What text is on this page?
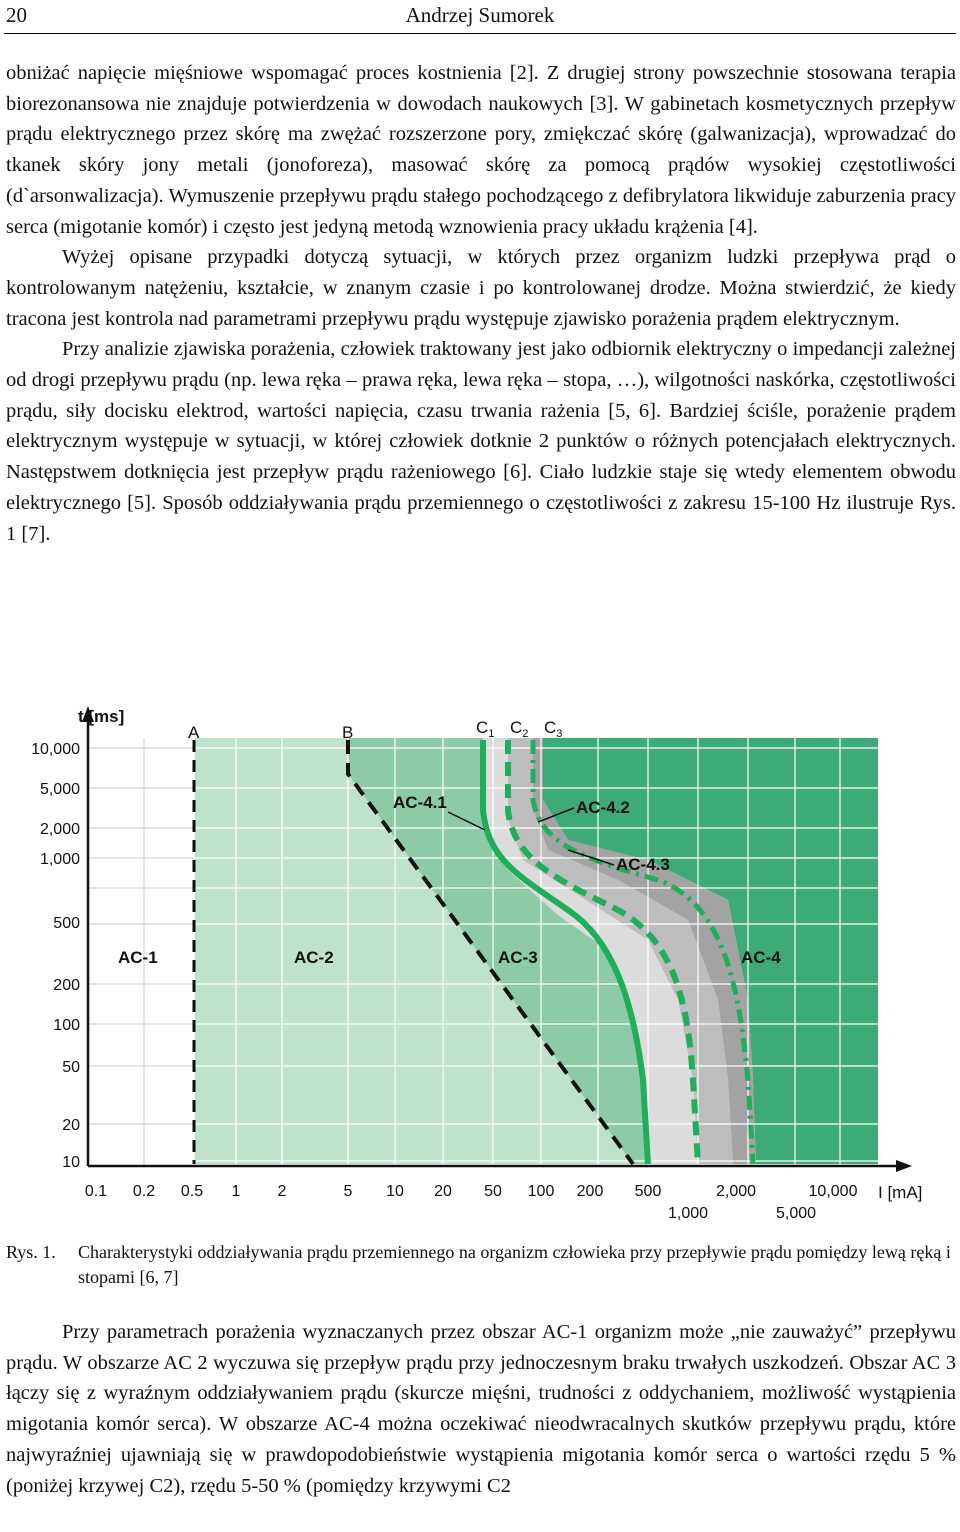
20	Andrzej Sumorek

obniżać napięcie mięśniowe wspomagać proces kostnienia [2]. Z drugiej strony powszechnie stosowana terapia biorezonansowa nie znajduje potwierdzenia w dowodach naukowych [3]. W gabinetach kosmetycznych przepływ prądu elektrycznego przez skórę ma zwężać rozszerzone pory, zmiękczać skórę (galwanizacja), wprowadzać do tkanek skóry jony metali (jonoforeza), masować skórę za pomocą prądów wysokiej częstotliwości (d`arsonwalizacja). Wymuszenie przepływu prądu stałego pochodzącego z defibrylatora likwiduje zaburzenia pracy serca (migotanie komór) i często jest jedyną metodą wznowienia pracy układu krążenia [4].

Wyżej opisane przypadki dotyczą sytuacji, w których przez organizm ludzki przepływa prąd o kontrolowanym natężeniu, kształcie, w znanym czasie i po kontrolowanej drodze. Można stwierdzić, że kiedy tracona jest kontrola nad parametrami przepływu prądu występuje zjawisko porażenia prądem elektrycznym.

Przy analizie zjawiska porażenia, człowiek traktowany jest jako odbiornik elektryczny o impedancji zależnej od drogi przepływu prądu (np. lewa ręka – prawa ręka, lewa ręka – stopa, …), wilgotności naskórka, częstotliwości prądu, siły docisku elektrod, wartości napięcia, czasu trwania rażenia [5, 6]. Bardziej ściśle, porażenie prądem elektrycznym występuje w sytuacji, w której człowiek dotknie 2 punktów o różnych potencjałach elektrycznych. Następstwem dotknięcia jest przepływ prądu rażeniowego [6]. Ciało ludzkie staje się wtedy elementem obwodu elektrycznego [5]. Sposób oddziaływania prądu przemiennego o częstotliwości z zakresu 15-100 Hz ilustruje Rys. 1 [7].

t [ms]
I [mA]
10,000
5,000
2,000
1,000
500
200
100
50
20
10
0.1 0.2 0.5 1 2	5 10 20 50 100 200 500	2,000	10,000
1,000	5,000
A	B	$C_1$ $C_2$ $C_3$
AC-1	AC-2	AC-3	AC-4
AC-4.1	AC-4.2
AC-4.3
Rys. 1. Charakterystyki oddziaływania prądu przemiennego na organizm człowieka przy przepływie prądu pomiędzy lewą ręką i stopami [6, 7]

Przy parametrach porażenia wyznaczanych przez obszar AC-1 organizm może „nie zauważyć” przepływu prądu. W obszarze AC 2 wyczuwa się przepływ prądu przy jednoczesnym braku trwałych uszkodzeń. Obszar AC 3 łączy się z wyraźnym oddziaływaniem prądu (skurcze mięśni, trudności z oddychaniem, możliwość wystąpienia migotania komór serca). W obszarze AC-4 można oczekiwać nieodwracalnych skutków przepływu prądu, które najwyraźniej ujawniają się w prawdopodobieństwie wystąpienia migotania komór serca o wartości rzędu 5 % (poniżej krzywej C2), rzędu 5-50 % (pomiędzy krzywymi C2
